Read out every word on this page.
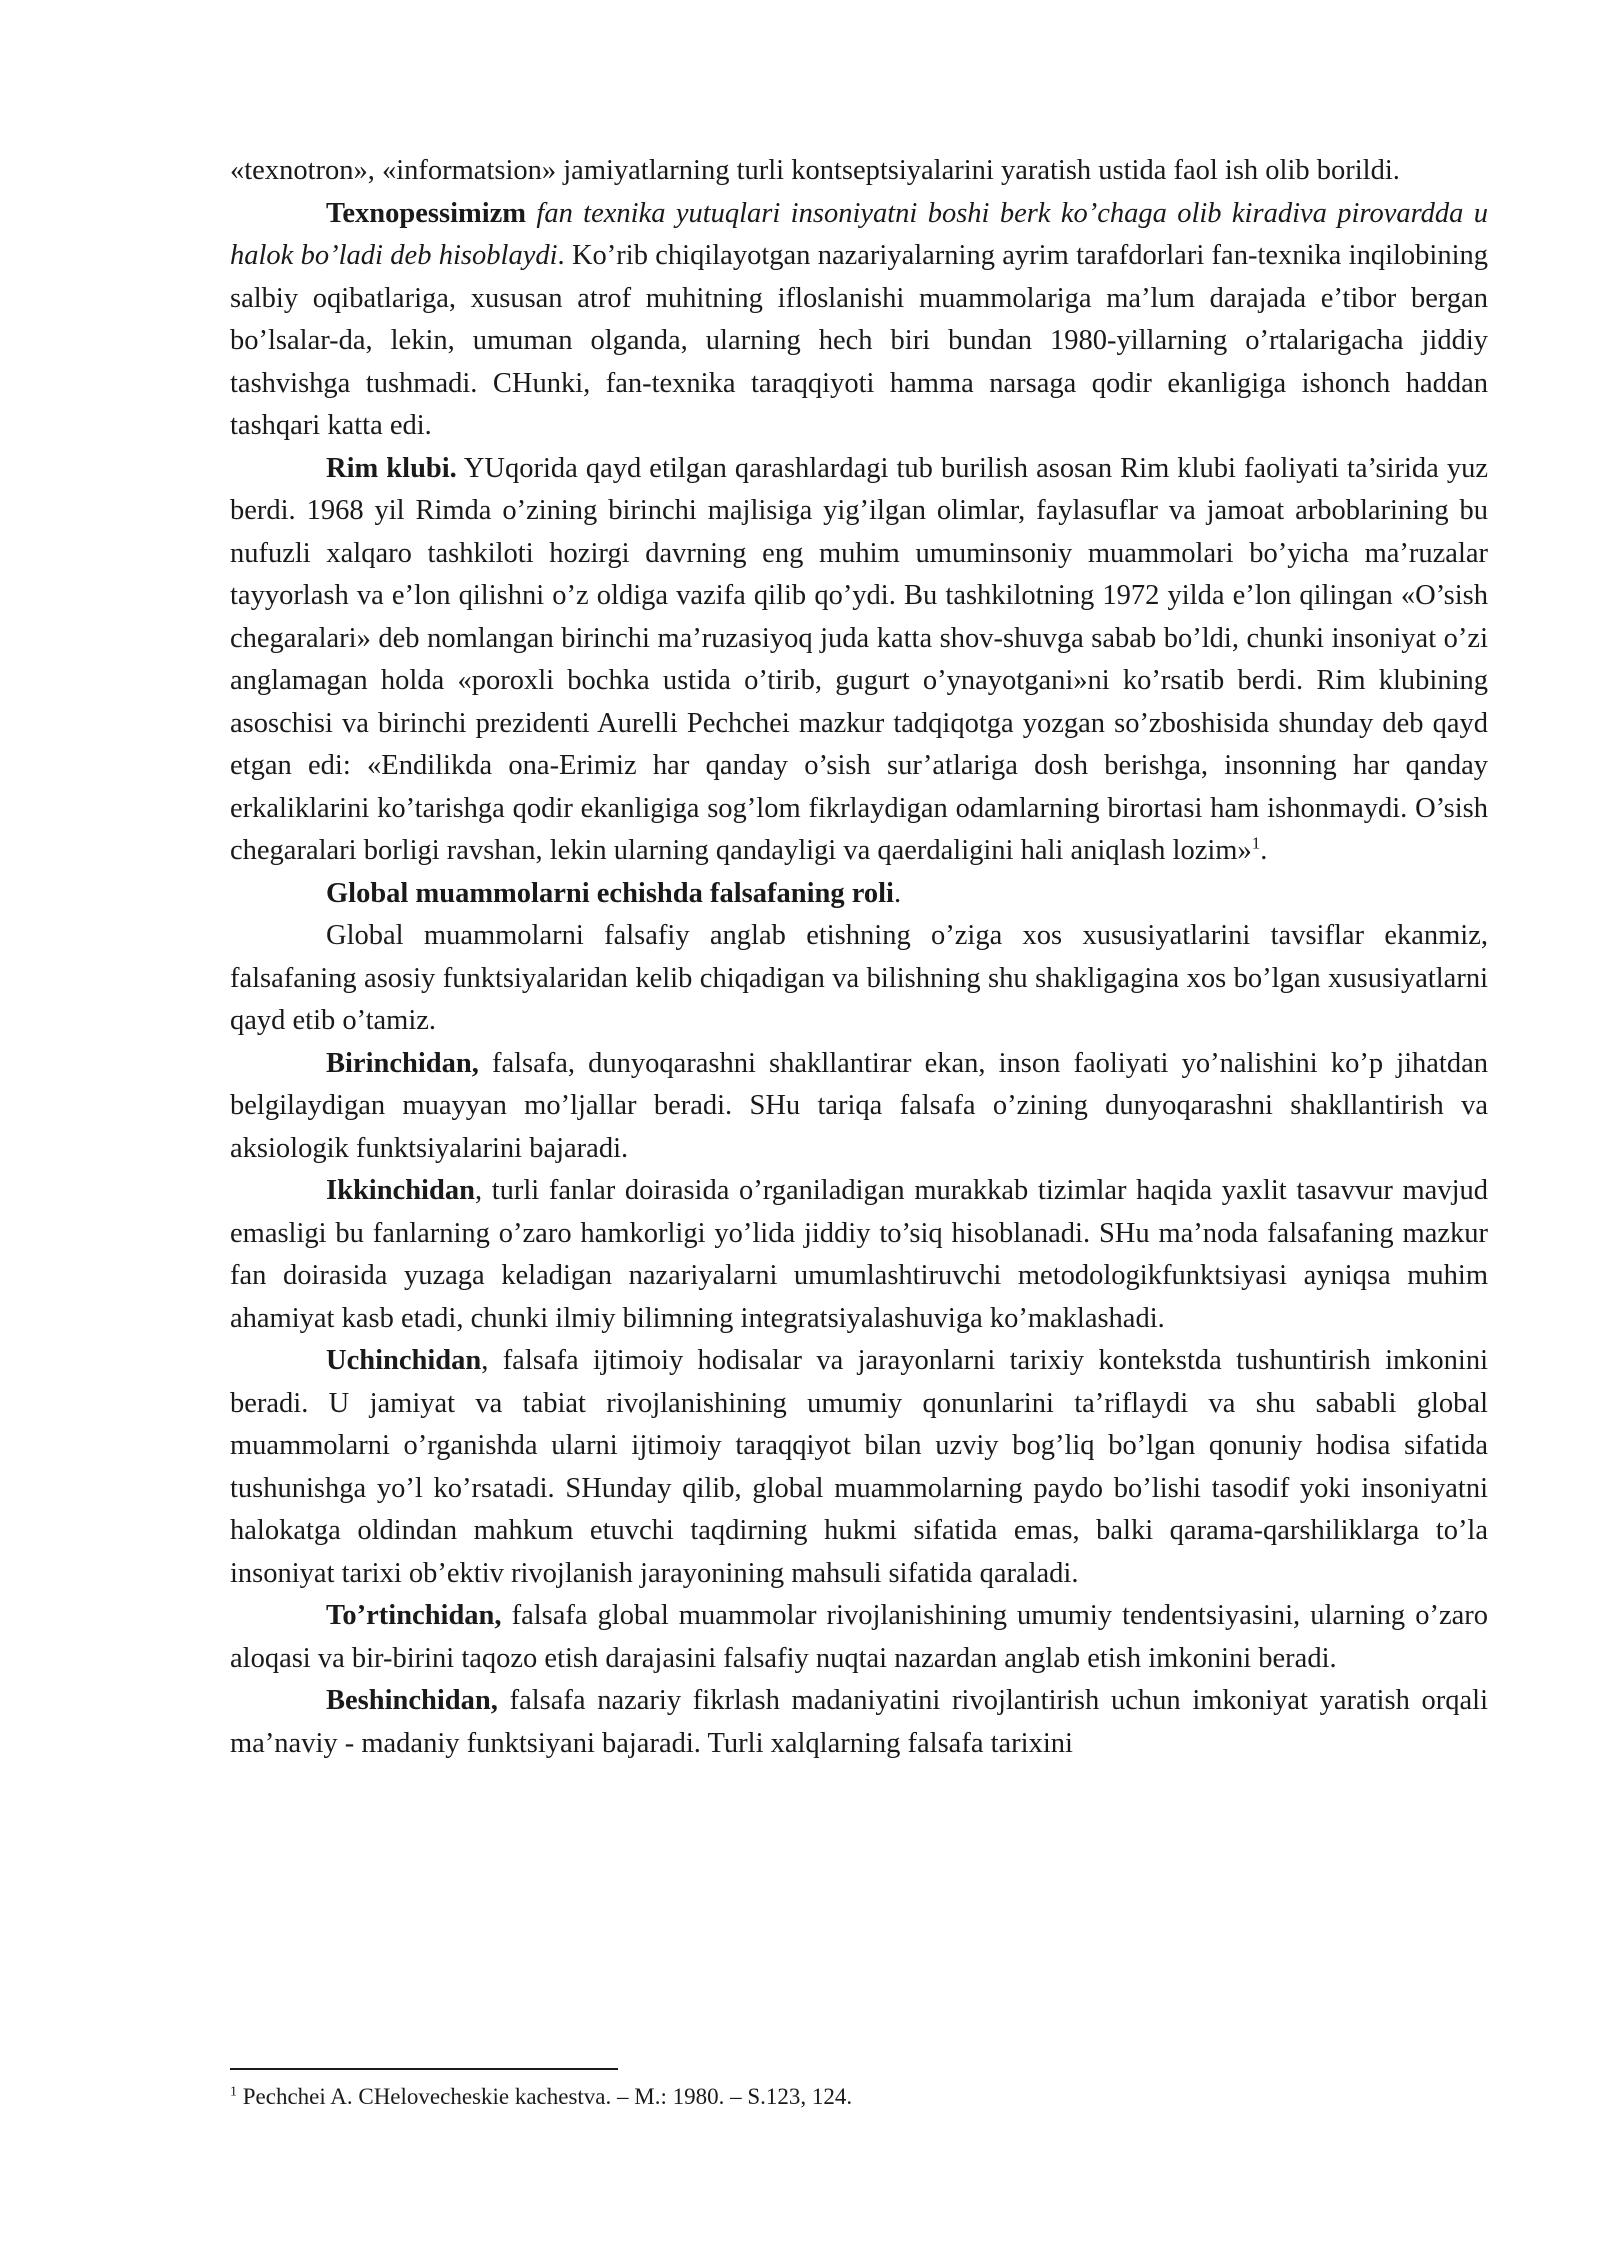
«texnotron», «informatsion» jamiyatlarning turli kontseptsiyalarini yaratish ustida faol ish olib borildi.

Texnopessimizm fan texnika yutuqlari insoniyatni boshi berk ko’chaga olib kiradiva pirovardda u halok bo’ladi deb hisoblaydi. Ko’rib chiqilayotgan nazariyalarning ayrim tarafdorlari fan-texnika inqilobining salbiy oqibatlariga, xususan atrof muhitning ifloslanishi muammolariga ma’lum darajada e’tibor bergan bo’lsalar-da, lekin, umuman olganda, ularning hech biri bundan 1980-yillarning o’rtalarigacha jiddiy tashvishga tushmadi. CHunki, fan-texnika taraqqiyoti hamma narsaga qodir ekanligiga ishonch haddan tashqari katta edi.

Rim klubi. YUqorida qayd etilgan qarashlardagi tub burilish asosan Rim klubi faoliyati ta’sirida yuz berdi. 1968 yil Rimda o’zining birinchi majlisiga yig’ilgan olimlar, faylasuflar va jamoat arboblarining bu nufuzli xalqaro tashkiloti hozirgi davrning eng muhim umuminsoniy muammolari bo’yicha ma’ruzalar tayyorlash va e’lon qilishni o’z oldiga vazifa qilib qo’ydi. Bu tashkilotning 1972 yilda e’lon qilingan «O’sish chegaralari» deb nomlangan birinchi ma’ruzasiyoq juda katta shov-shuvga sabab bo’ldi, chunki insoniyat o’zi anglamagan holda «poroxli bochka ustida o’tirib, gugurt o’ynayotgani»ni ko’rsatib berdi. Rim klubining asoschisi va birinchi prezidenti Aurelli Pechchei mazkur tadqiqotga yozgan so’zboshisida shunday deb qayd etgan edi: «Endilikda ona-Erimiz har qanday o’sish sur’atlariga dosh berishga, insonning har qanday erkaliklarini ko’tarishga qodir ekanligiga sog’lom fikrlaydigan odamlarning birortasi ham ishonmaydi. O’sish chegaralari borligi ravshan, lekin ularning qandayligi va qaerdaligini hali aniqlash lozim»$^1$.

Global muammolarni echishda falsafaning roli.

Global muammolarni falsafiy anglab etishning o’ziga xos xususiyatlarini tavsiflar ekanmiz, falsafaning asosiy funktsiyalaridan kelib chiqadigan va bilishning shu shakligagina xos bo’lgan xususiyatlarni qayd etib o’tamiz.

Birinchidan, falsafa, dunyoqarashni shakllantirar ekan, inson faoliyati yo’nalishini ko’p jihatdan belgilaydigan muayyan mo’ljallar beradi. SHu tariqa falsafa o’zining dunyoqarashni shakllantirish va aksiologik funktsiyalarini bajaradi.

Ikkinchidan, turli fanlar doirasida o’rganiladigan murakkab tizimlar haqida yaxlit tasavvur mavjud emasligi bu fanlarning o’zaro hamkorligi yo’lida jiddiy to’siq hisoblanadi. SHu ma’noda falsafaning mazkur fan doirasida yuzaga keladigan nazariyalarni umumlashtiruvchi metodologikfunktsiyasi ayniqsa muhim ahamiyat kasb etadi, chunki ilmiy bilimning integratsiyalashuviga ko’maklashadi.

Uchinchidan, falsafa ijtimoiy hodisalar va jarayonlarni tarixiy kontekstda tushuntirish imkonini beradi. U jamiyat va tabiat rivojlanishining umumiy qonunlarini ta’riflaydi va shu sababli global muammolarni o’rganishda ularni ijtimoiy taraqqiyot bilan uzviy bog’liq bo’lgan qonuniy hodisa sifatida tushunishga yo’l ko’rsatadi. SHunday qilib, global muammolarning paydo bo’lishi tasodif yoki insoniyatni halokatga oldindan mahkum etuvchi taqdirning hukmi sifatida emas, balki qarama-qarshiliklarga to’la insoniyat tarixi ob’ektiv rivojlanish jarayonining mahsuli sifatida qaraladi.

To’rtinchidan, falsafa global muammolar rivojlanishining umumiy tendentsiyasini, ularning o’zaro aloqasi va bir-birini taqozo etish darajasini falsafiy nuqtai nazardan anglab etish imkonini beradi.

Beshinchidan, falsafa nazariy fikrlash madaniyatini rivojlantirish uchun imkoniyat yaratish orqali ma’naviy - madaniy funktsiyani bajaradi. Turli xalqlarning falsafa tarixini

$^1$ Pechchei A. CHelovecheskie kachestva. – M.: 1980. – S.123, 124.
